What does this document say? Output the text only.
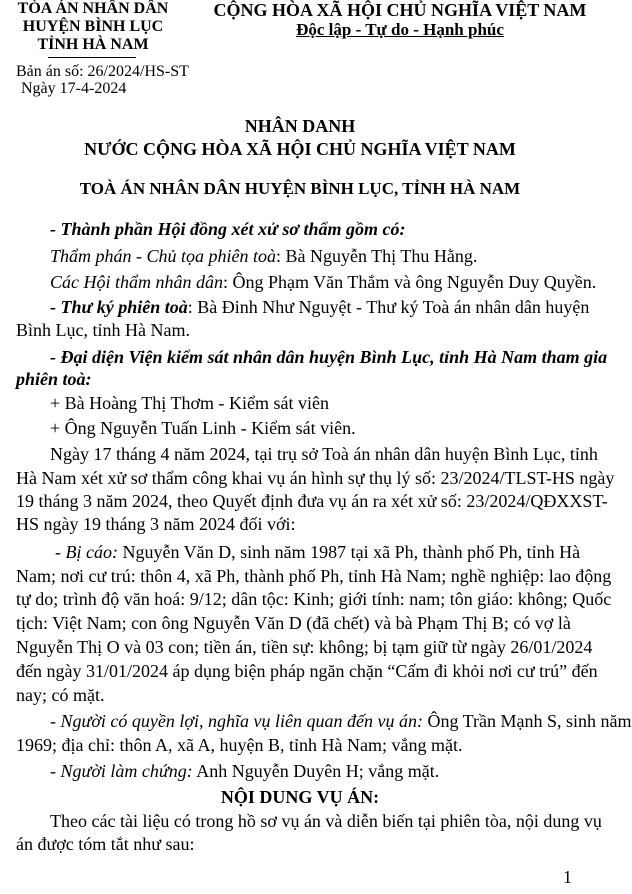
TÒA ÁN NHÂN DÂN
HUYỆN BÌNH LỤC
TỈNH HÀ NAM
CỘNG HÒA XÃ HỘI CHỦ NGHĨA VIỆT NAM
Độc lập - Tự do - Hạnh phúc
Bản án số: 26/2024/HS-ST
Ngày 17-4-2024
NHÂN DANH
NƯỚC CỘNG HÒA XÃ HỘI CHỦ NGHĨA VIỆT NAM
TOÀ ÁN NHÂN DÂN HUYỆN BÌNH LỤC, TỈNH HÀ NAM
- Thành phần Hội đồng xét xử sơ thẩm gồm có:
Thẩm phán - Chủ tọa phiên toà: Bà Nguyễn Thị Thu Hằng.
Các Hội thẩm nhân dân: Ông Phạm Văn Thắm và ông Nguyễn Duy Quyền.
- Thư ký phiên toà: Bà Đinh Như Nguyệt - Thư ký Toà án nhân dân huyện
Bình Lục, tỉnh Hà Nam.
- Đại diện Viện kiểm sát nhân dân huyện Bình Lục, tỉnh Hà Nam tham gia
phiên toà:
+ Bà Hoàng Thị Thơm - Kiểm sát viên
+ Ông Nguyễn Tuấn Linh - Kiểm sát viên.
Ngày 17 tháng 4 năm 2024, tại trụ sở Toà án nhân dân huyện Bình Lục, tỉnh
Hà Nam xét xử sơ thẩm công khai vụ án hình sự thụ lý số: 23/2024/TLST-HS ngày
19 tháng 3 năm 2024, theo Quyết định đưa vụ án ra xét xử số: 23/2024/QĐXXST-
HS ngày 19 tháng 3 năm 2024 đối với:
- Bị cáo: Nguyễn Văn D, sinh năm 1987 tại xã Ph, thành phố Ph, tỉnh Hà
Nam; nơi cư trú: thôn 4, xã Ph, thành phố Ph, tỉnh Hà Nam; nghề nghiệp: lao động
tự do; trình độ văn hoá: 9/12; dân tộc: Kinh; giới tính: nam; tôn giáo: không; Quốc
tịch: Việt Nam; con ông Nguyễn Văn D (đã chết) và bà Phạm Thị B; có vợ là
Nguyễn Thị O và 03 con; tiền án, tiền sự: không; bị tạm giữ từ ngày 26/01/2024
đến ngày 31/01/2024 áp dụng biện pháp ngăn chặn “Cấm đi khỏi nơi cư trú” đến
nay; có mặt.
- Người có quyền lợi, nghĩa vụ liên quan đến vụ án: Ông Trần Mạnh S, sinh năm
1969; địa chỉ: thôn A, xã A, huyện B, tỉnh Hà Nam; vắng mặt.
- Người làm chứng: Anh Nguyễn Duyên H; vắng mặt.
NỘI DUNG VỤ ÁN:
Theo các tài liệu có trong hồ sơ vụ án và diễn biến tại phiên tòa, nội dung vụ
án được tóm tắt như sau:
1
